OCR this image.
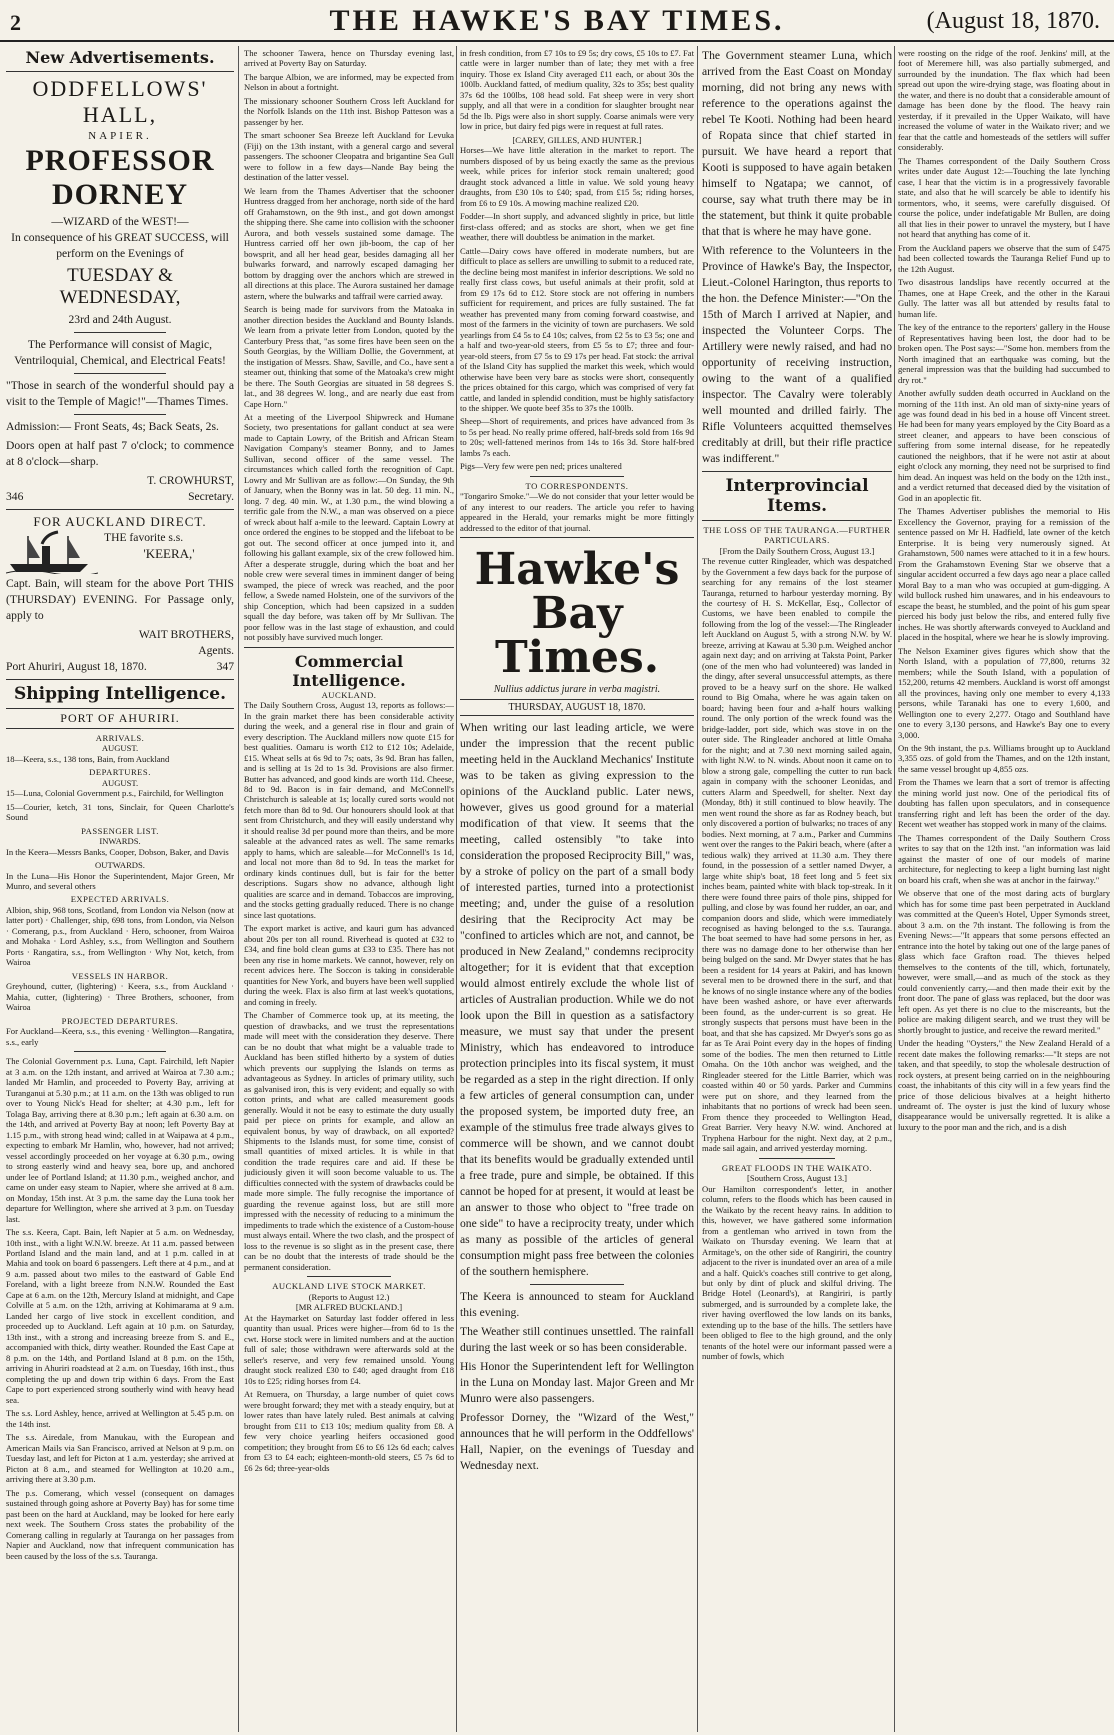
2	THE HAWKE'S BAY TIMES.	(August 18, 1870.
New Advertisements.
ODDFELLOWS' HALL,
NAPIER.
PROFESSOR DORNEY
—WIZARD of the WEST!—

In consequence of his GREAT SUCCESS, will perform on the Evenings of

TUESDAY & WEDNESDAY,
23rd and 24th August.

The Performance will consist of Magic, Ventriloquial, Chemical, and Electrical Feats!

"Those in search of the wonderful should pay a visit to the Temple of Magic!"—Thames Times.

Admission:— Front Seats, 4s; Back Seats, 2s.

Doors open at half past 7 o'clock; to commence at 8 o'clock—sharp.

T. CROWHURST,
346	Secretary.
FOR AUCKLAND DIRECT.
THE favorite s.s.
'KEERA,'

Capt. Bain, will steam for the above Port THIS (THURSDAY) EVENING. For Passage only, apply to

WAIT BROTHERS,
Agents.
Port Ahuriri, August 18, 1870.	347
Shipping Intelligence.
PORT OF AHURIRI.
ARRIVALS.
AUGUST.

18—Keera, s.s., 138 tons, Bain, from Auckland

DEPARTURES.
AUGUST.

15—Luna, Colonial Government p.s., Fairchild, for Wellington

15—Courier, ketch, 31 tons, Sinclair, for Queen Charlotte's Sound

PASSENGER LIST.
INWARDS.

In the Keera—Messrs Banks, Cooper, Dobson, Baker, and Davis

OUTWARDS.

In the Luna—His Honor the Superintendent, Major Green, Mr Munro, and several others

EXPECTED ARRIVALS.

Albion, ship, 968 tons, Scotland, from London via Nelson (now at latter port) · Challenger, ship, 698 tons, from London, via Nelson · Comerang, p.s., from Auckland · Hero, schooner, from Wairoa and Mohaka · Lord Ashley, s.s., from Wellington and Southern Ports · Rangatira, s.s., from Wellington · Why Not, ketch, from Wairoa

VESSELS IN HARBOR.

Greyhound, cutter, (lightering) · Keera, s.s., from Auckland · Mahia, cutter, (lightering) · Three Brothers, schooner, from Wairoa

PROJECTED DEPARTURES.

For Auckland—Keera, s.s., this evening · Wellington—Rangatira, s.s., early

The Colonial Government p.s. Luna, Capt. Fairchild, left Napier at 3 a.m. on the 12th instant, and arrived at Wairoa at 7.30 a.m.; landed Mr Hamlin, and proceeded to Poverty Bay, arriving at Turanganui at 5.30 p.m.; at 11 a.m. on the 13th was obliged to run over to Young Nick's Head for shelter; at 4.30 p.m., left for Tolaga Bay, arriving there at 8.30 p.m.; left again at 6.30 a.m. on the 14th, and arrived at Poverty Bay at noon; left Poverty Bay at 1.15 p.m., with strong head wind; called in at Waipawa at 4 p.m., expecting to embark Mr Hamlin, who, however, had not arrived; vessel accordingly proceeded on her voyage at 6.30 p.m., owing to strong easterly wind and heavy sea, bore up, and anchored under lee of Portland Island; at 11.30 p.m., weighed anchor, and came on under easy steam to Napier, where she arrived at 8 a.m. on Monday, 15th inst. At 3 p.m. the same day the Luna took her departure for Wellington, where she arrived at 3 p.m. on Tuesday last.

The s.s. Keera, Capt. Bain, left Napier at 5 a.m. on Wednesday, 10th inst., with a light W.N.W. breeze. At 11 a.m. passed between Portland Island and the main land, and at 1 p.m. called in at Mahia and took on board 6 passengers. Left there at 4 p.m., and at 9 a.m. passed about two miles to the eastward of Gable End Foreland, with a light breeze from N.N.W. Rounded the East Cape at 6 a.m. on the 12th, Mercury Island at midnight, and Cape Colville at 5 a.m. on the 12th, arriving at Kohimarama at 9 a.m. Landed her cargo of live stock in excellent condition, and proceeded up to Auckland. Left again at 10 p.m. on Saturday, 13th inst., with a strong and increasing breeze from S. and E., accompanied with thick, dirty weather. Rounded the East Cape at 8 p.m. on the 14th, and Portland Island at 8 p.m. on the 15th, arriving in Ahuriri roadstead at 2 a.m. on Tuesday, 16th inst., thus completing the up and down trip within 6 days. From the East Cape to port experienced strong southerly wind with heavy head sea.

The s.s. Lord Ashley, hence, arrived at Wellington at 5.45 p.m. on the 14th inst.

The s.s. Airedale, from Manukau, with the European and American Mails via San Francisco, arrived at Nelson at 9 p.m. on Tuesday last, and left for Picton at 1 a.m. yesterday; she arrived at Picton at 8 a.m., and steamed for Wellington at 10.20 a.m., arriving there at 3.30 p.m.

The p.s. Comerang, which vessel (consequent on damages sustained through going ashore at Poverty Bay) has for some time past been on the hard at Auckland, may be looked for here early next week. The Southern Cross states the probability of the Comerang calling in regularly at Tauranga on her passages from Napier and Auckland, now that infrequent communication has been caused by the loss of the s.s. Tauranga.

The schooner Tawera, hence on Thursday evening last, arrived at Poverty Bay on Saturday.

The barque Albion, we are informed, may be expected from Nelson in about a fortnight.

The missionary schooner Southern Cross left Auckland for the Norfolk Islands on the 11th inst. Bishop Patteson was a passenger by her.

The smart schooner Sea Breeze left Auckland for Levuka (Fiji) on the 13th instant, with a general cargo and several passengers. The schooner Cleopatra and brigantine Sea Gull were to follow in a few days—Nande Bay being the destination of the latter vessel.

We learn from the Thames Advertiser that the schooner Huntress dragged from her anchorage, north side of the hard off Grahamstown, on the 9th inst., and got down amongst the shipping there. She came into collision with the schooner Aurora, and both vessels sustained some damage. The Huntress carried off her own jib-boom, the cap of her bowsprit, and all her head gear, besides damaging all her bulwarks forward, and narrowly escaped damaging her bottom by dragging over the anchors which are strewed in all directions at this place. The Aurora sustained her damage astern, where the bulwarks and taffrail were carried away.

Search is being made for survivors from the Matoaka in another direction besides the Auckland and Bounty Islands. We learn from a private letter from London, quoted by the Canterbury Press that, "as some fires have been seen on the South Georgias, by the William Dollie, the Government, at the instigation of Messrs. Shaw, Saville, and Co., have sent a steamer out, thinking that some of the Matoaka's crew might be there. The South Georgias are situated in 58 degrees S. lat., and 38 degrees W. long., and are nearly due east from Cape Horn."

At a meeting of the Liverpool Shipwreck and Humane Society, two presentations for gallant conduct at sea were made to Captain Lowry, of the British and African Steam Navigation Company's steamer Bonny, and to James Sullivan, second officer of the same vessel. The circumstances which called forth the recognition of Capt. Lowry and Mr Sullivan are as follow:—On Sunday, the 9th of January, when the Bonny was in lat. 50 deg. 11 min. N., long. 7 deg. 40 min. W., at 1.30 p.m., the wind blowing a terrific gale from the N.W., a man was observed on a piece of wreck about half a-mile to the leeward. Captain Lowry at once ordered the engines to be stopped and the lifeboat to be got out. The second officer at once jumped into it, and following his gallant example, six of the crew followed him. After a desperate struggle, during which the boat and her noble crew were several times in imminent danger of being swamped, the piece of wreck was reached, and the poor fellow, a Swede named Holstein, one of the survivors of the ship Conception, which had been capsized in a sudden squall the day before, was taken off by Mr Sullivan. The poor fellow was in the last stage of exhaustion, and could not possibly have survived much longer.

Commercial Intelligence.
AUCKLAND.

The Daily Southern Cross, August 13, reports as follows:—In the grain market there has been considerable activity during the week, and a general rise in flour and grain of every description. The Auckland millers now quote £15 for best qualities. Oamaru is worth £12 to £12 10s; Adelaide, £15. Wheat sells at 6s 9d to 7s; oats, 3s 9d. Bran has fallen, and is selling at 1s 2d to 1s 3d. Provisions are also firmer. Butter has advanced, and good kinds are worth 11d. Cheese, 8d to 9d. Bacon is in fair demand, and McConnell's Christchurch is saleable at 1s; locally cured sorts would not fetch more than 8d to 9d. Our honourers should look at that sent from Christchurch, and they will easily understand why it should realise 3d per pound more than theirs, and be more saleable at the advanced rates as well. The same remarks apply to hams, which are saleable—for McConnell's 1s 1d, and local not more than 8d to 9d. In teas the market for ordinary kinds continues dull, but is fair for the better descriptions. Sugars show no advance, although light qualities are scarce and in demand. Tobaccos are improving, and the stocks getting gradually reduced. There is no change since last quotations.

The export market is active, and kauri gum has advanced about 20s per ton all round. Riverhead is quoted at £32 to £34, and fine bold clean gums at £33 to £35. There has not been any rise in home markets. We cannot, however, rely on recent advices here. The Soccon is taking in considerable quantities for New York, and buyers have been well supplied during the week. Flax is also firm at last week's quotations, and coming in freely.

The Chamber of Commerce took up, at its meeting, the question of drawbacks, and we trust the representations made will meet with the consideration they deserve. There can be no doubt that what might be a valuable trade to Auckland has been stifled hitherto by a system of duties which prevents our supplying the Islands on terms as advantageous as Sydney. In articles of primary utility, such as galvanised iron, this is very evident; and equally so with cotton prints, and what are called measurement goods generally. Would it not be easy to estimate the duty usually paid per piece on prints for example, and allow an equivalent bonus, by way of drawback, on all exported? Shipments to the Islands must, for some time, consist of small quantities of mixed articles. It is while in that condition the trade requires care and aid. If these be judiciously given it will soon become valuable to us. The difficulties connected with the system of drawbacks could be made more simple. The fully recognise the importance of guarding the revenue against loss, but are still more impressed with the necessity of reducing to a minimum the impediments to trade which the existence of a Custom-house must always entail. Where the two clash, and the prospect of loss to the revenue is so slight as in the present case, there can be no doubt that the interests of trade should be the permanent consideration.

AUCKLAND LIVE STOCK MARKET.
(Reports to August 12.)
[MR ALFRED BUCKLAND.]

At the Haymarket on Saturday last fodder offered in less quantity than usual. Prices were higher—from 6d to 1s the cwt. Horse stock were in limited numbers and at the auction full of sale; those withdrawn were afterwards sold at the seller's reserve, and very few remained unsold. Young draught stock realized £30 to £40; aged draught from £18 10s to £25; riding horses from £4.

At Remuera, on Thursday, a large number of quiet cows were brought forward; they met with a steady enquiry, but at lower rates than have lately ruled. Best animals at calving brought from £11 to £13 10s; medium quality from £8. A few very choice yearling heifers occasioned good competition; they brought from £6 to £6 12s 6d each; calves from £3 to £4 each; eighteen-month-old steers, £5 7s 6d to £6 2s 6d; three-year-olds

in fresh condition, from £7 10s to £9 5s; dry cows, £5 10s to £7. Fat cattle were in larger number than of late; they met with a free inquiry. Those ex Island City averaged £11 each, or about 30s the 100lb. Auckland fatted, of medium quality, 32s to 35s; best quality 37s 6d the 100lbs, 108 head sold. Fat sheep were in very short supply, and all that were in a condition for slaughter brought near 5d the lb. Pigs were also in short supply. Coarse animals were very low in price, but dairy fed pigs were in request at full rates.

[CAREY, GILLES, AND HUNTER.]

Horses—We have little alteration in the market to report. The numbers disposed of by us being exactly the same as the previous week, while prices for inferior stock remain unaltered; good draught stock advanced a little in value. We sold young heavy draughts, from £30 10s to £40; spad, from £15 5s; riding horses, from £6 to £9 10s. A mowing machine realized £20.

Fodder—In short supply, and advanced slightly in price, but little first-class offered; and as stocks are short, when we get fine weather, there will doubtless be animation in the market.

Cattle—Dairy cows have offered in moderate numbers, but are difficult to place as sellers are unwilling to submit to a reduced rate, the decline being most manifest in inferior descriptions. We sold no really first class cows, but useful animals at their profit, sold at from £9 17s 6d to £12. Store stock are not offering in numbers sufficient for requirement, and prices are fully sustained. The fat weather has prevented many from coming forward coastwise, and most of the farmers in the vicinity of town are purchasers. We sold yearlings from £4 5s to £4 10s; calves, from £2 5s to £3 5s; one and a half and two-year-old steers, from £5 5s to £7; three and four-year-old steers, from £7 5s to £9 17s per head. Fat stock: the arrival of the Island City has supplied the market this week, which would otherwise have been very bare as stocks were short, consequently the prices obtained for this cargo, which was comprised of very fat cattle, and landed in splendid condition, must be highly satisfactory to the shipper. We quote beef 35s to 37s the 100lb.

Sheep—Short of requirements, and prices have advanced from 3s to 5s per head. No really prime offered, half-breds sold from 16s 9d to 20s; well-fattened merinos from 14s to 16s 3d. Store half-bred lambs 7s each.

Pigs—Very few were pen ned; prices unaltered

TO CORRESPONDENTS.

"Tongariro Smoke."—We do not consider that your letter would be of any interest to our readers. The article you refer to having appeared in the Herald, your remarks might be more fittingly addressed to the editor of that journal.

Hawke's Bay Times.
Nullius addictus jurare in verba magistri.
THURSDAY, AUGUST 18, 1870.

When writing our last leading article, we were under the impression that the recent public meeting held in the Auckland Mechanics' Institute was to be taken as giving expression to the opinions of the Auckland public. Later news, however, gives us good ground for a material modification of that view. It seems that the meeting, called ostensibly "to take into consideration the proposed Reciprocity Bill," was, by a stroke of policy on the part of a small body of interested parties, turned into a protectionist meeting; and, under the guise of a resolution desiring that the Reciprocity Act may be "confined to articles which are not, and cannot, be produced in New Zealand," condemns reciprocity altogether; for it is evident that that exception would almost entirely exclude the whole list of articles of Australian production. While we do not look upon the Bill in question as a satisfactory measure, we must say that under the present Ministry, which has endeavored to introduce protection principles into its fiscal system, it must be regarded as a step in the right direction. If only a few articles of general consumption can, under the proposed system, be imported duty free, an example of the stimulus free trade always gives to commerce will be shown, and we cannot doubt that its benefits would be gradually extended until a free trade, pure and simple, be obtained. If this cannot be hoped for at present, it would at least be an answer to those who object to "free trade on one side" to have a reciprocity treaty, under which as many as possible of the articles of general consumption might pass free between the colonies of the southern hemisphere.

The Keera is announced to steam for Auckland this evening.

The Weather still continues unsettled. The rainfall during the last week or so has been considerable.

His Honor the Superintendent left for Wellington in the Luna on Monday last. Major Green and Mr Munro were also passengers.

Professor Dorney, the "Wizard of the West," announces that he will perform in the Oddfellows' Hall, Napier, on the evenings of Tuesday and Wednesday next.

The Government steamer Luna, which arrived from the East Coast on Monday morning, did not bring any news with reference to the operations against the rebel Te Kooti. Nothing had been heard of Ropata since that chief started in pursuit. We have heard a report that Kooti is supposed to have again betaken himself to Ngatapa; we cannot, of course, say what truth there may be in the statement, but think it quite probable that that is where he may have gone.

With reference to the Volunteers in the Province of Hawke's Bay, the Inspector, Lieut.-Colonel Harington, thus reports to the hon. the Defence Minister:—"On the 15th of March I arrived at Napier, and inspected the Volunteer Corps. The Artillery were newly raised, and had no opportunity of receiving instruction, owing to the want of a qualified inspector. The Cavalry were tolerably well mounted and drilled fairly. The Rifle Volunteers acquitted themselves creditably at drill, but their rifle practice was indifferent."

Interprovincial Items.
THE LOSS OF THE TAURANGA.—FURTHER PARTICULARS.
[From the Daily Southern Cross, August 13.]

The revenue cutter Ringleader, which was despatched by the Government a few days back for the purpose of searching for any remains of the lost steamer Tauranga, returned to harbour yesterday morning. By the courtesy of H. S. McKellar, Esq., Collector of Customs, we have been enabled to compile the following from the log of the vessel:—The Ringleader left Auckland on August 5, with a strong N.W. by W. breeze, arriving at Kawau at 5.30 p.m. Weighed anchor again next day; and on arriving at Taksta Point, Parker (one of the men who had volunteered) was landed in the dingy, after several unsuccessful attempts, as there proved to be a heavy surf on the shore. He walked round to Big Omaha, where he was again taken on board; having been four and a-half hours walking round. The only portion of the wreck found was the bridge-ladder, port side, which was stove in on the outer side. The Ringleader anchored at little Omaha for the night; and at 7.30 next morning sailed again, with light N.W. to N. winds. About noon it came on to blow a strong gale, compelling the cutter to run back again in company with the schooner Leonidas, and cutters Alarm and Speedwell, for shelter. Next day (Monday, 8th) it still continued to blow heavily. The men went round the shore as far as Rodney beach, but only discovered a portion of bulwarks; no traces of any bodies. Next morning, at 7 a.m., Parker and Cummins went over the ranges to the Pakiri beach, where (after a tedious walk) they arrived at 11.30 a.m. They there found, in the possession of a settler named Dwyer, a large white ship's boat, 18 feet long and 5 feet six inches beam, painted white with black top-streak. In it there were found three pairs of thole pins, shipped for pulling, and close by was found her rudder, an oar, and companion doors and slide, which were immediately recognised as having belonged to the s.s. Tauranga. The boat seemed to have had some persons in her, as there was no damage done to her otherwise than her being bulged on the sand. Mr Dwyer states that he has been a resident for 14 years at Pakiri, and has known several men to be drowned there in the surf, and that he knows of no single instance where any of the bodies have been washed ashore, or have ever afterwards been found, as the under-current is so great. He strongly suspects that persons must have been in the boat, and that she has capsized. Mr Dwyer's sons go as far as Te Arai Point every day in the hopes of finding some of the bodies. The men then returned to Little Omaha. On the 10th anchor was weighed, and the Ringleader steered for the Little Barrier, which was coasted within 40 or 50 yards. Parker and Cummins were put on shore, and they learned from the inhabitants that no portions of wreck had been seen. From thence they proceeded to Wellington Head, Great Barrier. Very heavy N.W. wind. Anchored at Tryphena Harbour for the night. Next day, at 2 p.m., made sail again, and arrived yesterday morning.

GREAT FLOODS IN THE WAIKATO.
[Southern Cross, August 13.]

Our Hamilton correspondent's letter, in another column, refers to the floods which has been caused in the Waikato by the recent heavy rains. In addition to this, however, we have gathered some information from a gentleman who arrived in town from the Waikato on Thursday evening. We learn that at Armitage's, on the other side of Rangiriri, the country adjacent to the river is inundated over an area of a mile and a half. Quick's coaches still contrive to get along, but only by dint of pluck and skilful driving. The Bridge Hotel (Leonard's), at Rangiriri, is partly submerged, and is surrounded by a complete lake, the river having overflowed the low lands on its banks, extending up to the base of the hills. The settlers have been obliged to flee to the high ground, and the only tenants of the hotel were our informant passed were a number of fowls, which

were roosting on the ridge of the roof. Jenkins' mill, at the foot of Meremere hill, was also partially submerged, and surrounded by the inundation. The flax which had been spread out upon the wire-drying stage, was floating about in the water, and there is no doubt that a considerable amount of damage has been done by the flood. The heavy rain yesterday, if it prevailed in the Upper Waikato, will have increased the volume of water in the Waikato river; and we fear that the cattle and homesteads of the settlers will suffer considerably.

The Thames correspondent of the Daily Southern Cross writes under date August 12:—Touching the late lynching case, I hear that the victim is in a progressively favorable state, and also that he will scarcely be able to identify his tormentors, who, it seems, were carefully disguised. Of course the police, under indefatigable Mr Bullen, are doing all that lies in their power to unravel the mystery, but I have not heard that anything has come of it.

From the Auckland papers we observe that the sum of £475 had been collected towards the Tauranga Relief Fund up to the 12th August.

Two disastrous landslips have recently occurred at the Thames, one at Hape Creek, and the other in the Karaui Gully. The latter was all but attended by results fatal to human life.

The key of the entrance to the reporters' gallery in the House of Representatives having been lost, the door had to be broken open. The Post says:—"Some hon. members from the North imagined that an earthquake was coming, but the general impression was that the building had succumbed to dry rot."

Another awfully sudden death occurred in Auckland on the morning of the 11th inst. An old man of sixty-nine years of age was found dead in his bed in a house off Vincent street. He had been for many years employed by the City Board as a street cleaner, and appears to have been conscious of suffering from some internal disease, for he repeatedly cautioned the neighbors, that if he were not astir at about eight o'clock any morning, they need not be surprised to find him dead. An inquest was held on the body on the 12th inst., and a verdict returned that deceased died by the visitation of God in an apoplectic fit.

The Thames Advertiser publishes the memorial to His Excellency the Governor, praying for a remission of the sentence passed on Mr H. Hadfield, late owner of the ketch Enterprise. It is being very numerously signed. At Grahamstown, 500 names were attached to it in a few hours. From the Grahamstown Evening Star we observe that a singular accident occurred a few days ago near a place called Moral Bay to a man who was occupied at gum-digging. A wild bullock rushed him unawares, and in his endeavours to escape the beast, he stumbled, and the point of his gum spear pierced his body just below the ribs, and entered fully five inches. He was shortly afterwards conveyed to Auckland and placed in the hospital, where we hear he is slowly improving.

The Nelson Examiner gives figures which show that the North Island, with a population of 77,800, returns 32 members; while the South Island, with a population of 152,200, returns 42 members. Auckland is worst off amongst all the provinces, having only one member to every 4,133 persons, while Taranaki has one to every 1,600, and Wellington one to every 2,277. Otago and Southland have one to every 3,130 persons, and Hawke's Bay one to every 3,000.

On the 9th instant, the p.s. Williams brought up to Auckland 3,355 ozs. of gold from the Thames, and on the 12th instant, the same vessel brought up 4,855 ozs.

From the Thames we learn that a sort of tremor is affecting the mining world just now. One of the periodical fits of doubting has fallen upon speculators, and in consequence transferring right and left has been the order of the day. Recent wet weather has stopped work in many of the claims.

The Thames correspondent of the Daily Southern Cross writes to say that on the 12th inst. "an information was laid against the master of one of our models of marine architecture, for neglecting to keep a light burning last night on board his craft, when she was at anchor in the fairway."

We observe that one of the most daring acts of burglary which has for some time past been perpetrated in Auckland was committed at the Queen's Hotel, Upper Symonds street, about 3 a.m. on the 7th instant. The following is from the Evening News:—"It appears that some persons effected an entrance into the hotel by taking out one of the large panes of glass which face Grafton road. The thieves helped themselves to the contents of the till, which, fortunately, however, were small,—and as much of the stock as they could conveniently carry,—and then made their exit by the front door. The pane of glass was replaced, but the door was left open. As yet there is no clue to the miscreants, but the police are making diligent search, and we trust they will be shortly brought to justice, and receive the reward merited."

Under the heading "Oysters," the New Zealand Herald of a recent date makes the following remarks:—"It steps are not taken, and that speedily, to stop the wholesale destruction of rock oysters, at present being carried on in the neighbouring coast, the inhabitants of this city will in a few years find the price of those delicious bivalves at a height hitherto undreamt of. The oyster is just the kind of luxury whose disappearance would be universally regretted. It is alike a luxury to the poor man and the rich, and is a dish
